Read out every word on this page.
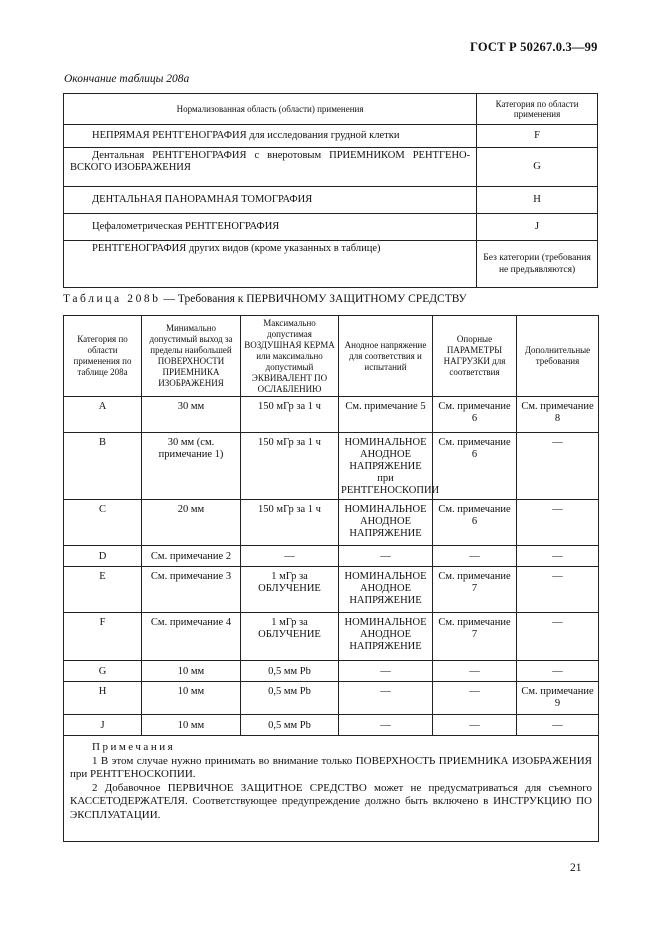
ГОСТ Р 50267.0.3—99
Окончание таблицы 208а
Нормализованная область (области) применения	Категория по области применения
НЕПРЯМАЯ РЕНТГЕНОГРАФИЯ для исследования грудной клетки	F
Дентальная РЕНТГЕНОГРАФИЯ с внеротовым ПРИЕМНИКОМ РЕНТГЕНО-ВСКОГО ИЗОБРАЖЕНИЯ	G
ДЕНТАЛЬНАЯ ПАНОРАМНАЯ ТОМОГРАФИЯ	H
Цефалометрическая РЕНТГЕНОГРАФИЯ	J
РЕНТГЕНОГРАФИЯ других видов (кроме указанных в таблице)	Без категории (требования не предъявляются)
Таблица 208b — Требования к ПЕРВИЧНОМУ ЗАЩИТНОМУ СРЕДСТВУ
Категория по области применения по таблице 208а	Минимально допустимый выход за пределы наибольшей ПОВЕРХНОСТИ ПРИЕМНИКА ИЗОБРАЖЕНИЯ	Максимально допустимая ВОЗДУШНАЯ КЕРМА или максимально допустимый ЭКВИВАЛЕНТ ПО ОСЛАБЛЕНИЮ	Анодное напряжение для соответствия и испытаний	Опорные ПАРАМЕТРЫ НАГРУЗКИ для соответствия	Дополнительные требования
A	30 мм	150 мГр за 1 ч	См. примечание 5	См. примечание 6	См. примечание 8
B	30 мм (см. примечание 1)	150 мГр за 1 ч	НОМИНАЛЬНОЕ АНОДНОЕ НАПРЯЖЕНИЕ при РЕНТГЕНОСКОПИИ	См. примечание 6	—
C	20 мм	150 мГр за 1 ч	НОМИНАЛЬНОЕ АНОДНОЕ НАПРЯЖЕНИЕ	См. примечание 6	—
D	См. примечание 2	—	—	—	—
E	См. примечание 3	1 мГр за ОБЛУЧЕНИЕ	НОМИНАЛЬНОЕ АНОДНОЕ НАПРЯЖЕНИЕ	См. примечание 7	—
F	См. примечание 4	1 мГр за ОБЛУЧЕНИЕ	НОМИНАЛЬНОЕ АНОДНОЕ НАПРЯЖЕНИЕ	См. примечание 7	—
G	10 мм	0,5 мм Pb	—	—	—
H	10 мм	0,5 мм Pb	—	—	См. примечание 9
J	10 мм	0,5 мм Pb	—	—	—

Примечания
1 В этом случае нужно принимать во внимание только ПОВЕРХНОСТЬ ПРИЕМНИКА ИЗОБРАЖЕНИЯ при РЕНТГЕНОСКОПИИ.
2 Добавочное ПЕРВИЧНОЕ ЗАЩИТНОЕ СРЕДСТВО может не предусматриваться для съемного КАССЕТОДЕРЖАТЕЛЯ. Соответствующее предупреждение должно быть включено в ИНСТРУКЦИЮ ПО ЭКСПЛУАТАЦИИ.					
21
